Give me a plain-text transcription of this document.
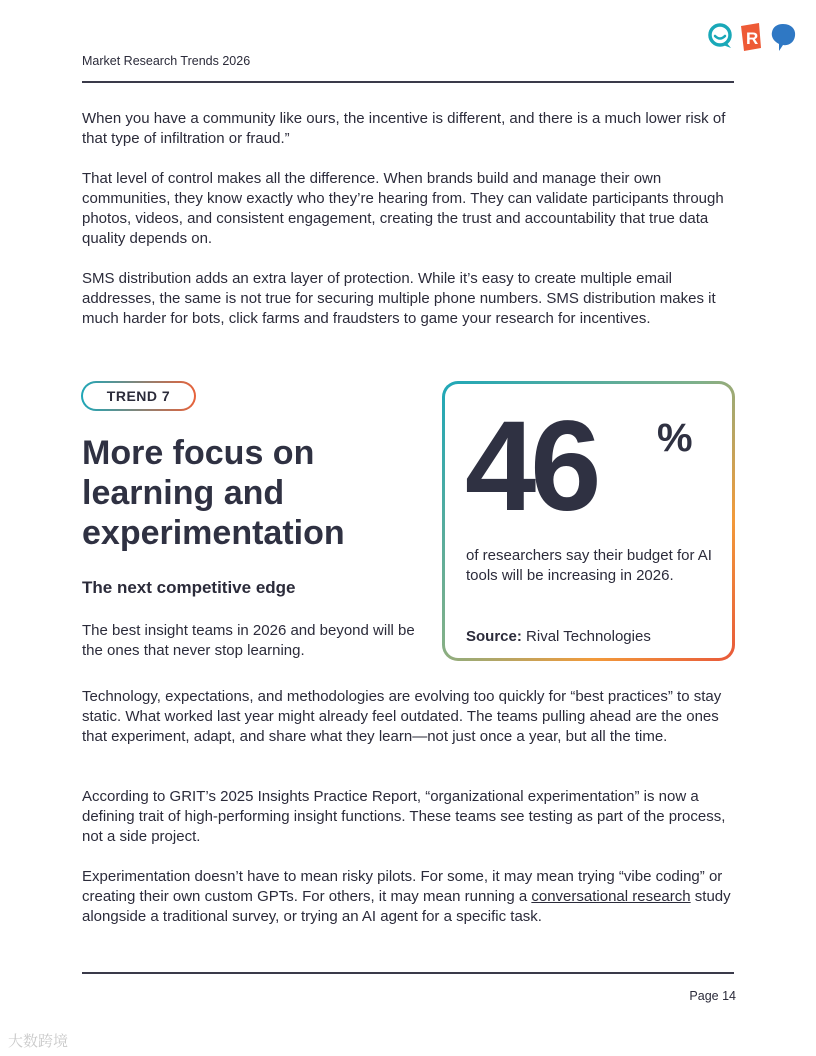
Market Research Trends 2026
R

When you have a community like ours, the incentive is different, and there is a much lower risk of that type of infiltration or fraud.”

That level of control makes all the difference. When brands build and manage their own communities, they know exactly who they’re hearing from. They can validate participants through photos, videos, and consistent engagement, creating the trust and accountability that true data quality depends on.

SMS distribution adds an extra layer of protection. While it’s easy to create multiple email addresses, the same is not true for securing multiple phone numbers. SMS distribution makes it much harder for bots, click farms and fraudsters to game your research for incentives.

TREND 7
More focus on learning and experimentation
The next competitive edge

The best insight teams in 2026 and beyond will be the ones that never stop learning.

46 %

of researchers say their budget for AI tools will be increasing in 2026.

Source: Rival Technologies

Technology, expectations, and methodologies are evolving too quickly for “best practices” to stay static. What worked last year might already feel outdated. The teams pulling ahead are the ones that experiment, adapt, and share what they learn—not just once a year, but all the time.

According to GRIT’s 2025 Insights Practice Report, “organizational experimentation” is now a defining trait of high-performing insight functions. These teams see testing as part of the process, not a side project.

Experimentation doesn’t have to mean risky pilots. For some, it may mean trying “vibe coding” or creating their own custom GPTs. For others, it may mean running a conversational research study alongside a traditional survey, or trying an AI agent for a specific task.

Page 14
大数跨境
